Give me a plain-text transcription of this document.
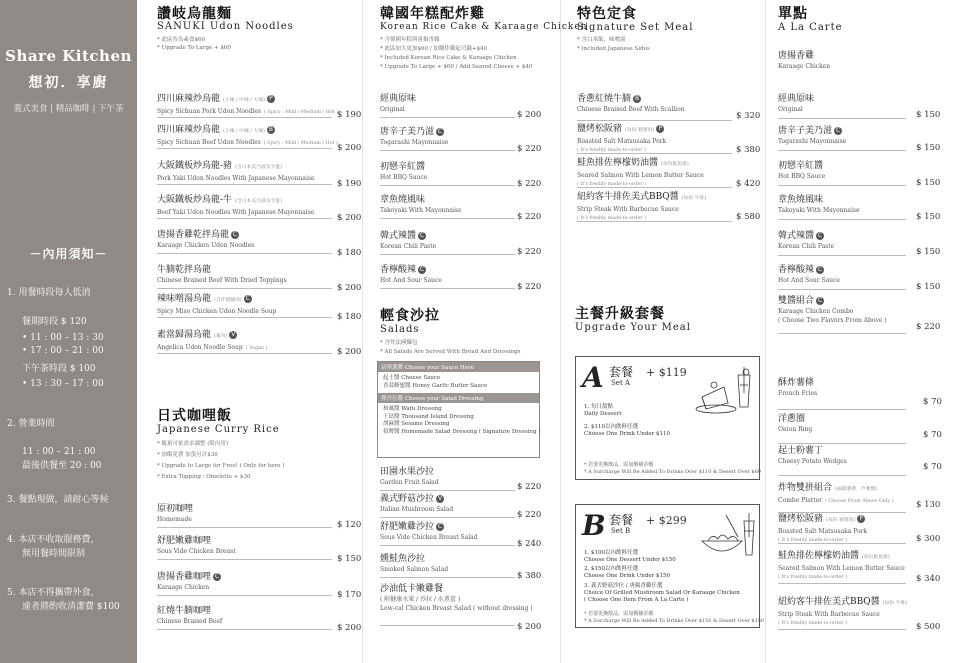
Share Kitchen
想初．享廚
義式美食 | 精品咖啡 | 下午茶
－內用須知－
1. 用餐時段每人低消
餐期時段 $ 120
• 11 : 00 – 13 : 30
• 17 : 00 – 21 : 00
下午茶時段 $ 100
• 13 : 30 – 17 : 00
2. 營業時間
11 : 00 – 21 : 00
最後供餐至 20 : 00
3. 餐點現做，請耐心等候
4. 本店不收取服務費，
無用餐時間限制
5. 本店不得攜帶外食，
違者將酌收清潔費 $100
讚岐烏龍麵
SANUKI Udon Noodles
* 此區皆為素食$60
* Upgrade To Large + $60
四川麻辣炒烏龍 (小辣 / 中辣 / 大辣) P
Spicy Sichuan Pork Udon Noodles ( Spicy : Mild / Medium / Hot )
$ 190
四川麻辣炒烏龍 (小辣 / 中辣 / 大辣) B
Spicy Sichuan Beef Udon Noodles ( Spicy : Mild / Medium / Hot ) $ 200
大阪鐵板炒烏龍-豬 (含日本美乃滋及令蛋)
Pork Yaki Udon Noodles With Japanese Mayonnaise
$ 190
大阪鐵板炒烏龍-牛 (含日本美乃滋及令蛋)
Beef Yaki Udon Noodles With Japanese Mayonnaise
$ 200
唐揚香雞乾拌烏龍 C
Karaage Chicken Udon Noodles
$ 180
牛腩乾拌烏龍
Chinese Braised Beef With Dried Toppings
$ 200
辣味噌湯烏龍 (含炸豬腩肉) C
Spicy Miso Chicken Udon Noodle Soup
$ 180
素當歸湯烏龍 (素食) V
Angelica Udon Noodle Soup ( Vegan )	$ 200
日式咖哩飯
Japanese Curry Rice
* 飯量可依需求調整 (限內用)
* 加飯免費 加蛋另計$30
* Upgrade to Large for Free! ( Only for here )
* Extra Topping : Omelette + $30
原初咖哩
Homemade
$ 120
舒肥嫩雞咖哩
Sous Vide Chicken Breast
$ 150
唐揚香雞咖哩 C
Karaage Chicken
$ 170
紅燒牛腩咖哩
Chinese Braised Beef
$ 200
韓國年糕配炸雞
Korean Rice Cake & Karaage Chicken
* 含韓國年糕與唐揚香雞
* 此區加大更加$60 / 加購炸雞起司鍋+$40
* Included Korean Rice Cake & Karaage Chicken
* Upgrade To Large + $60 / Add Seared Cheese + $40
經典原味
Original
$ 200
唐辛子美乃滋 C
Togarashi Mayonnaise
$ 220
初戀辛紅醬
Hot BBQ Sauce
$ 220
章魚燒風味
Takoyaki With Mayonnaise
$ 220
韓式辣醬 C
Korean Chili Paste
$ 220
香檸酸辣 C
Hot And Sour Sauce
$ 220
輕食沙拉
Salads
* 含炸法國麵包
* All Salads Are Served With Bread And Dressings
請擇選醬 Choose your Sauce Here
起士醬 Cheese Sauce
香蒜蜂蜜醬 Honey Garlic Butter Sauce
擇沙拉醬 Choose your Salad Dressing
和風醬 Wafu Dressing
千島醬 Thousand Island Dressing
胡麻醬 Sesame Dressing
招牌醬 Homemade Salad Dressing ( Signature Dressing )
田園水果沙拉
Garden Fruit Salad	$ 220
義式野菇沙拉 V
Italian Mushroom Salad
$ 220
舒肥嫩雞沙拉 C
Sous Vide Chicken Breast Salad
$ 240
燻鮭魚沙拉
Smoked Salmon Salad
$ 380
沙油低卡嫩雞餐
( 附健康水果 / 沙拉 / 水煮蛋 )
Low-cal Chicken Breast Salad ( without dressing )
$ 200
特色定食
Signature Set Meal
* 含白米飯、味噌湯
* Included Japanese Sides
香蔥紅燒牛腩 B
Chinese Braised Beef With Scallion
$ 320
鹽烤松阪豬 (每份 豬頸肉) P
Roasted Salt Matsusaka Pork
( It's freshly made-to-order )	$ 380
鮭魚排佐檸檬奶油醬 (每份鮭魚排)
Seared Salmon With Lemon Butter Sauce
( It's freshly made-to-order )	$ 420
紐約客牛排佐美式BBQ醬 (每份 牛排)
Strip Steak With Barbecue Sauce
( It's freshly made-to-order )	$ 580
主餐升級套餐
Upgrade Your Meal
A 套餐
Set A
+ $119
1. 每日甜點
Daily Dessert
2. $110以內飲料任選
Choose One Drink Under $110
* 若要更換飲品，需加價補差價
* A Surcharge Will Be Added To Drinks Over $110 & Desert Over $60
B 套餐
Set B
+ $299
1. $100以內飲料任選
Choose One Dessert Under $150
2. $150以內飲料任選
Choose One Drink Under $150
3. 義式野菇沙拉 / 唐揚香雞任選
Choice Of Grilled Mushroom Salad Or Karaage Chicken
( Choose One Item From A La Carte )
* 若要更換飲品，需加價補差價
* A Surcharge Will Be Added To Drinks Over $150 & Desert Over $150
單點
A La Carte
唐揚香雞
Karaage Chicken
經典原味
Original
$ 150
唐辛子美乃滋 C
Togarashi Mayonnaise
$ 150
初戀辛紅醬
Hot BBQ Sauce
$ 150
章魚燒風味
Takoyaki With Mayonnaise
$ 150
韓式辣醬 C
Korean Chili Paste
$ 150
香檸酸辣 C
Hot And Sour Sauce
$ 150
雙醬組合 C
Karaage Chicken Combo
( Choose Two Flavors From Above )
$ 220
酥炸薯條
French Fries
$ 70
洋蔥圈
Onion Ring
$ 70
起士粉薯丁
Cheesy Potato Wedges
$ 70
炸物雙拼組合 (兩樣選擇，芦薯類)
Combo Platter ( Choose From Above Only )	$ 130
鹽烤松阪豬 (每份 豬頸肉) P
Roasted Salt Matsusaka Pork
( It's freshly made-to-order )	$ 300
鮭魚排佐檸檬奶油醬 (每份鮭魚排)
Seared Salmon With Lemon Butter Sauce
( It's freshly made-to-order )	$ 340
紐約客牛排佐美式BBQ醬 (每份 牛排)
Strip Steak With Barbecue Sauce
( It's freshly made-to-order )	$ 500
